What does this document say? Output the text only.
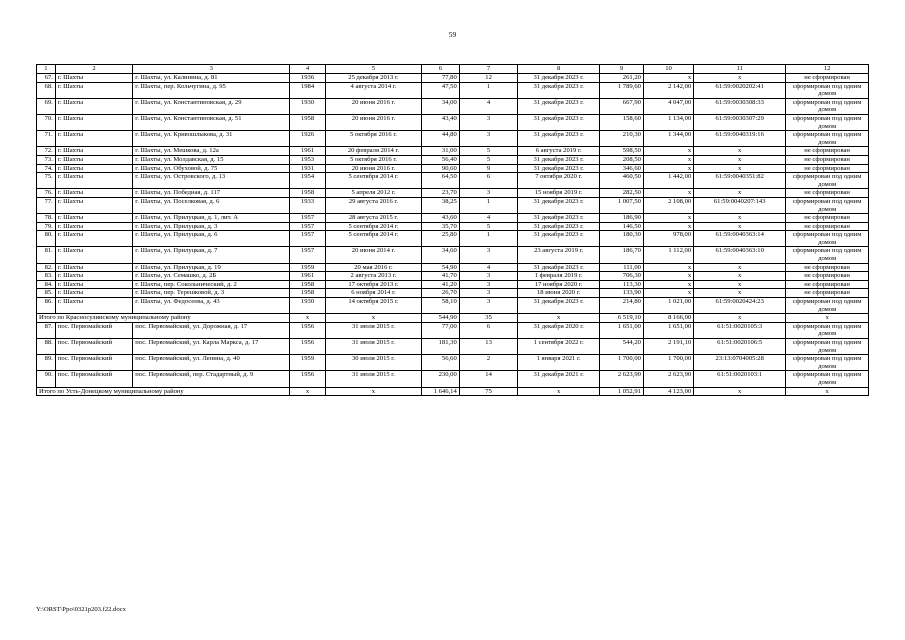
59
1	2	3	4	5	6	7	8	9	10	11	12
67.	г. Шахты	г. Шахты, ул. Калинина, д. 81	1936	25 декабря 2013 г.	77,80	12	31 декабря 2023 г.	261,20	х	х	не сформирован
68.	г. Шахты	г. Шахты, пер. Кольчугина, д. 95	1984	4 августа 2014 г.	47,50	1	31 декабря 2023 г.	1 789,60	2 142,00	61:59:0020202:41	сформирован под одним домом
69.	г. Шахты	г. Шахты, ул. Константиновская, д. 29	1930	20 июня 2016 г.	34,00	4	31 декабря 2023 г.	667,90	4 047,00	61:59:0030308:33	сформирован под одним домом
70.	г. Шахты	г. Шахты, ул. Константиновская, д. 51	1958	20 июня 2016 г.	43,40	3	31 декабря 2023 г.	158,60	1 134,00	61:59:0030307:29	сформирован под одним домом
71.	г. Шахты	г. Шахты, ул. Кривошлыкова, д. 31	1926	5 октября 2016 г.	44,80	3	31 декабря 2023 г.	210,30	1 344,00	61:59:0040319:16	сформирован под одним домом
72.	г. Шахты	г. Шахты, ул. Мешкова, д. 12а	1961	20 февраля 2014 г.	31,00	5	6 августа 2019 г.	598,50	х	х	не сформирован
73.	г. Шахты	г. Шахты, ул. Молдавская, д. 15	1953	5 октября 2016 г.	56,40	5	31 декабря 2023 г.	208,50	х	х	не сформирован
74.	г. Шахты	г. Шахты, ул. Обуховой, д. 75	1931	20 июня 2016 г.	90,60	9	31 декабря 2023 г.	346,60	х	х	не сформирован
75.	г. Шахты	г. Шахты, ул. Островского, д. 13	1954	5 сентября 2014 г.	64,50	6	7 октября 2020 г.	460,50	1 442,00	61:59:0040351:82	сформирован под одним домом
76.	г. Шахты	г. Шахты, ул. Победная, д. 117	1958	5 апреля 2012 г.	23,70	3	15 ноября 2019 г.	282,50	х	х	не сформирован
77.	г. Шахты	г. Шахты, ул. Поселковая, д. 6	1933	29 августа 2016 г.	38,25	1	31 декабря 2023 г.	1 007,50	2 108,00	61:59:0040207:143	сформирован под одним домом
78.	г. Шахты	г. Шахты, ул. Прилуцкая, д. 1, лит. А	1957	28 августа 2015 г.	43,60	4	31 декабря 2023 г.	186,90	х	х	не сформирован
79.	г. Шахты	г. Шахты, ул. Прилуцкая, д. 3	1957	5 сентября 2014 г.	35,70	5	31 декабря 2023 г.	146,50	х	х	не сформирован
80.	г. Шахты	г. Шахты, ул. Прилуцкая, д. 6	1957	5 сентября 2014 г.	25,80	1	31 декабря 2023 г.	180,30	978,00	61:59:0040363:14	сформирован под одним домом
81.	г. Шахты	г. Шахты, ул. Прилуцкая, д. 7	1957	20 июня 2014 г.	34,60	3	23 августа 2019 г.	186,70	1 112,00	61:59:0040363:10	сформирован под одним домом
82.	г. Шахты	г. Шахты, ул. Прилуцкая, д. 19	1959	20 мая 2016 г.	54,90	4	31 декабря 2023 г.	111,00	х	х	не сформирован
83.	г. Шахты	г. Шахты, ул. Семашко, д. 2Б	1961	2 августа 2013 г.	41,70	3	1 февраля 2019 г.	706,30	х	х	не сформирован
84.	г. Шахты	г. Шахты, пер. Сокольнический, д. 2	1958	17 октября 2013 г.	41,20	3	17 ноября 2020 г.	113,30	х	х	не сформирован
85.	г. Шахты	г. Шахты, пер. Терешковой, д. 3	1958	6 ноября 2014 г.	26,70	3	18 июня 2020 г.	133,90	х	х	не сформирован
86.	г. Шахты	г. Шахты, ул. Федосеева, д. 43	1930	14 октября 2015 г.	58,10	3	31 декабря 2023 г.	214,80	1 021,00	61:59:0020424:23	сформирован под одним домом
Итого по Красносулинскому муниципальному району			х	х	544,90	35	х	6 519,10	8 166,00	х	х
87.	пос. Первомайский	пос. Первомайский, ул. Дорожная, д. 17	1956	31 июля 2015 г.	77,00	6	31 декабря 2020 г.	1 651,00	1 651,00	61:51:0020105:3	сформирован под одним домом
88.	пос. Первомайский	пос. Первомайский, ул. Карла Маркса, д. 17	1956	31 июля 2015 г.	181,30	13	1 сентября 2022 г.	544,20	2 191,10	61:51:0020106:5	сформирован под одним домом
89.	пос. Первомайский	пос. Первомайский, ул. Ленина, д. 40	1959	30 июля 2015 г.	56,60	2	1 января 2021 г.	1 700,00	1 700,00	23:13:0704005:28	сформирован под одним домом
90.	пос. Первомайский	пос. Первомайский, пер. Стадартный, д. 9	1956	31 июля 2015 г.	230,00	14	31 декабря 2021 г.	2 623,90	2 623,90	61:51:0020103:1	сформирован под одним домом
Итого по Усть-Донецкому муниципальному району			х	х	1 646,14	75	х	1 052,91	4 123,00	х	х
Y:\ORST\Ppo\0321p203.f22.docx
